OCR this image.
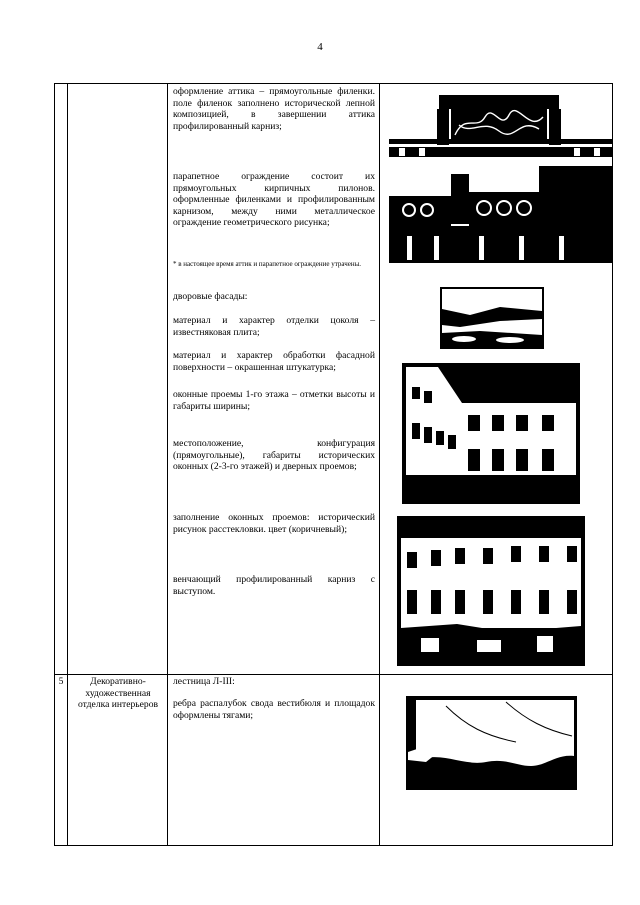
4
оформление аттика – прямоугольные филенки. поле филенок заполнено исторической лепной композицией, в завершении аттика профилированный карниз;
парапетное ограждение состоит их прямоугольных кирпичных пилонов. оформленные филенками и профилированным карнизом, между ними металлическое ограждение геометрического рисунка;
* в настоящее время аттик и парапетное ограждение утрачены.
дворовые фасады:
материал и характер отделки цоколя – известняковая плита;
материал и характер обработки фасадной поверхности – окрашенная штукатурка;
оконные проемы 1-го этажа – отметки высоты и габариты ширины;
местоположение, конфигурация (прямоугольные), габариты исторических оконных (2-3-го этажей) и дверных проемов;
заполнение оконных проемов: исторический рисунок расстекловки. цвет (коричневый);
венчающий профилированный карниз с выступом.
5	Декоративно-художественная отделка интерьеров
лестница Л-III:
ребра распалубок свода вестибюля и площадок оформлены тягами;
